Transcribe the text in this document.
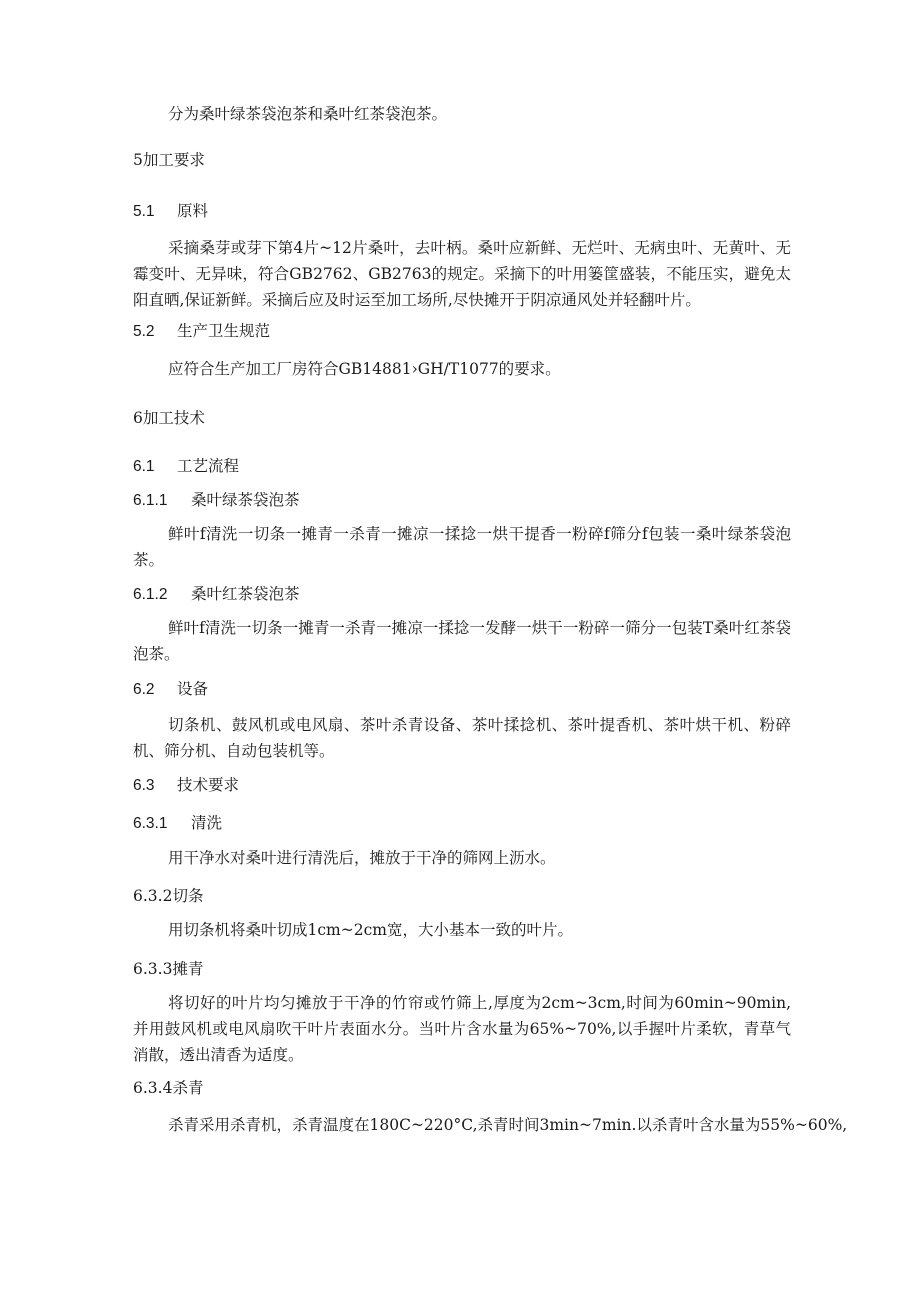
分为桑叶绿茶袋泡茶和桑叶红茶袋泡茶。
5加工要求
5.1 原料
采摘桑芽或芽下第4片~12片桑叶，去叶柄。桑叶应新鲜、无烂叶、无病虫叶、无黄叶、无霉变叶、无异味，符合GB2762、GB2763的规定。采摘下的叶用篓筐盛装，不能压实，避免太阳直晒,保证新鲜。采摘后应及时运至加工场所,尽快摊开于阴凉通风处并轻翻叶片。
5.2 生产卫生规范
应符合生产加工厂房符合GB14881›GH/T1077的要求。
6加工技术
6.1 工艺流程
6.1.1 桑叶绿茶袋泡茶
鲜叶f清洗一切条一摊青一杀青一摊凉一揉捻一烘干提香一粉碎f筛分f包装一桑叶绿茶袋泡茶。
6.1.2 桑叶红茶袋泡茶
鲜叶f清洗一切条一摊青一杀青一摊凉一揉捻一发酵一烘干一粉碎一筛分一包装T桑叶红茶袋泡茶。
6.2 设备
切条机、鼓风机或电风扇、茶叶杀青设备、茶叶揉捻机、茶叶提香机、茶叶烘干机、粉碎机、筛分机、自动包装机等。
6.3 技术要求
6.3.1 清洗
用干净水对桑叶进行清洗后，摊放于干净的筛网上沥水。
6.3.2切条
用切条机将桑叶切成1cm~2cm宽，大小基本一致的叶片。
6.3.3摊青
将切好的叶片均匀摊放于干净的竹帘或竹筛上,厚度为2cm~3cm,时间为60min~90min,并用鼓风机或电风扇吹干叶片表面水分。当叶片含水量为65%~70%,以手握叶片柔软，青草气消散，透出清香为适度。
6.3.4杀青
杀青采用杀青机，杀青温度在180C~220°C,杀青时间3min~7min.以杀青叶含水量为55%~60%,
